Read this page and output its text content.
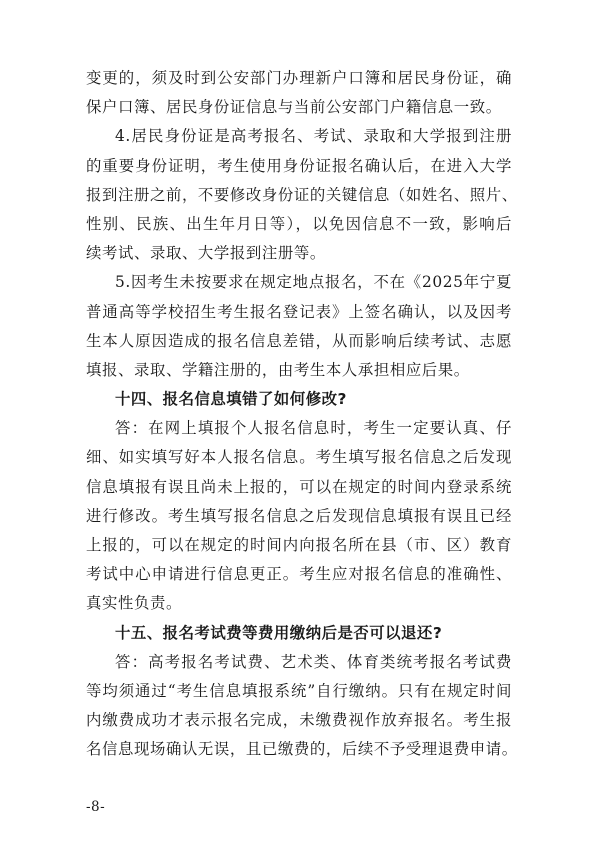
变更的，须及时到公安部门办理新户口簿和居民身份证，确
保户口簿、居民身份证信息与当前公安部门户籍信息一致。
4.居民身份证是高考报名、考试、录取和大学报到注册
的重要身份证明，考生使用身份证报名确认后，在进入大学
报到注册之前，不要修改身份证的关键信息（如姓名、照片、
性别、民族、出生年月日等），以免因信息不一致，影响后
续考试、录取、大学报到注册等。
5.因考生未按要求在规定地点报名，不在《2025年宁夏
普通高等学校招生考生报名登记表》上签名确认，以及因考
生本人原因造成的报名信息差错，从而影响后续考试、志愿
填报、录取、学籍注册的，由考生本人承担相应后果。
十四、报名信息填错了如何修改?
答：在网上填报个人报名信息时，考生一定要认真、仔
细、如实填写好本人报名信息。考生填写报名信息之后发现
信息填报有误且尚未上报的，可以在规定的时间内登录系统
进行修改。考生填写报名信息之后发现信息填报有误且已经
上报的，可以在规定的时间内向报名所在县（市、区）教育
考试中心申请进行信息更正。考生应对报名信息的准确性、
真实性负责。
十五、报名考试费等费用缴纳后是否可以退还?
答：高考报名考试费、艺术类、体育类统考报名考试费
等均须通过“考生信息填报系统”自行缴纳。只有在规定时间
内缴费成功才表示报名完成，未缴费视作放弃报名。考生报
名信息现场确认无误，且已缴费的，后续不予受理退费申请。
-8-
